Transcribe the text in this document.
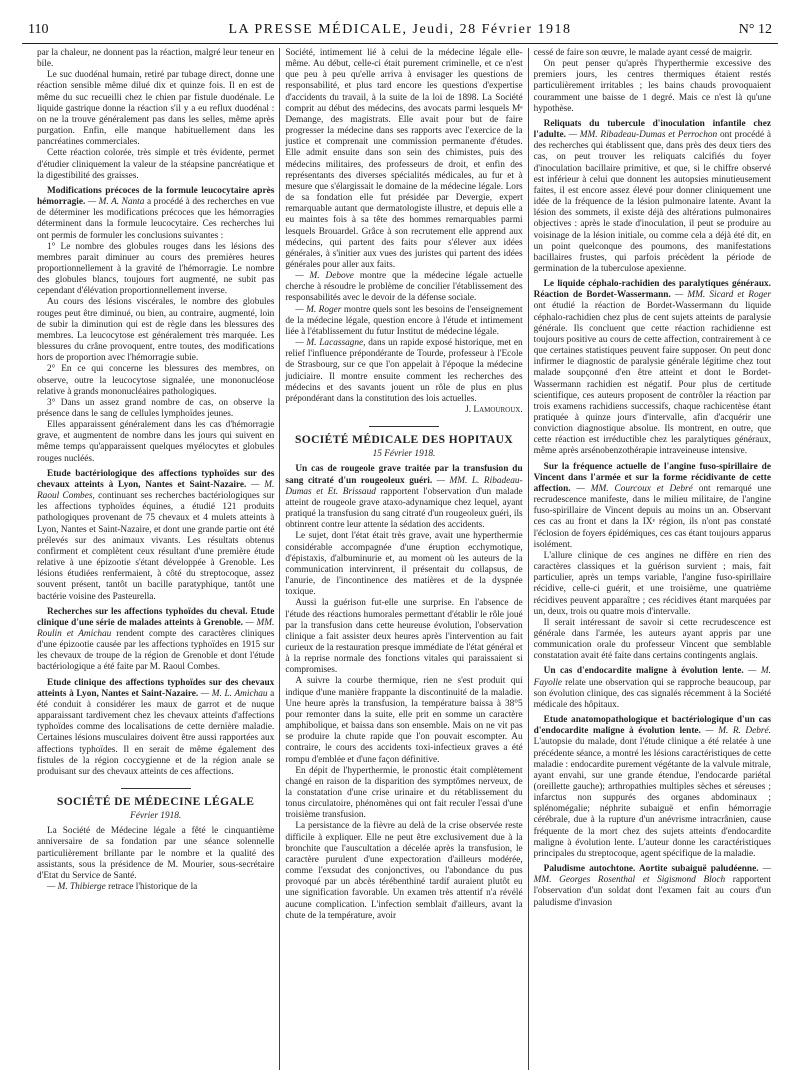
110	LA PRESSE MÉDICALE, Jeudi, 28 Février 1918	N° 12

par la chaleur, ne donnent pas la réaction, malgré leur teneur en bile.

Le suc duodénal humain, retiré par tubage direct, donne une réaction sensible même dilué dix et quinze fois. Il en est de même du suc recueilli chez le chien par fistule duodénale. Le liquide gastrique donne la réaction s'il y a eu reflux duodénal : on ne la trouve généralement pas dans les selles, même après purgation. Enfin, elle manque habituellement dans les pancréatines commerciales.

Cette réaction colorée, très simple et très évidente, permet d'étudier cliniquement la valeur de la stéapsine pancréatique et la digestibilité des graisses.

Modifications précoces de la formule leucocytaire après hémorragie. — M. A. Nanta a procédé à des recherches en vue de déterminer les modifications précoces que les hémorragies déterminent dans la formule leucocytaire. Ces recherches lui ont permis de formuler les conclusions suivantes :

1° Le nombre des globules rouges dans les lésions des membres parait diminuer au cours des premières heures proportionnellement à la gravité de l'hémorragie. Le nombre des globules blancs, toujours fort augmenté, ne subit pas cependant d'élévation proportionnellement inverse.

Au cours des lésions viscérales, le nombre des globules rouges peut être diminué, ou bien, au contraire, augmenté, loin de subir la diminution qui est de règle dans les blessures des membres. La leucocytose est généralement très marquée. Les blessures du crâne provoquent, entre toutes, des modifications hors de proportion avec l'hémorragie subie.

2° En ce qui concerne les blessures des membres, on observe, outre la leucocytose signalée, une mononucléose relative à grands mononucléaires pathologiques.

3° Dans un assez grand nombre de cas, on observe la présence dans le sang de cellules lymphoïdes jeunes.

Elles apparaissent généralement dans les cas d'hémorragie grave, et augmentent de nombre dans les jours qui suivent en même temps qu'apparaissent quelques myélocytes et globules rouges nucléés.

Etude bactériologique des affections typhoïdes sur des chevaux atteints à Lyon, Nantes et Saint-Nazaire. — M. Raoul Combes, continuant ses recherches bactériologiques sur les affections typhoïdes équines, a étudié 121 produits pathologiques provenant de 75 chevaux et 4 mulets atteints à Lyon, Nantes et Saint-Nazaire, et dont une grande partie ont été prélevés sur des animaux vivants. Les résultats obtenus confirment et complètent ceux résultant d'une première étude relative à une épizootie s'étant développée à Grenoble. Les lésions étudiées renfermaient, à côté du streptocoque, assez souvent présent, tantôt un bacille paratyphique, tantôt une bactérie voisine des Pasteurella.

Recherches sur les affections typhoïdes du cheval. Etude clinique d'une série de malades atteints à Grenoble. — MM. Roulin et Amichau rendent compte des caractères cliniques d'une épizootie causée par les affections typhoïdes en 1915 sur les chevaux de troupe de la région de Grenoble et dont l'étude bactériologique a été faite par M. Raoul Combes.

Etude clinique des affections typhoïdes sur des chevaux atteints à Lyon, Nantes et Saint-Nazaire. — M. L. Amichau a été conduit à considérer les maux de garrot et de nuque apparaissant tardivement chez les chevaux atteints d'affections typhoïdes comme des localisations de cette dernière maladie. Certaines lésions musculaires doivent être aussi rapportées aux affections typhoïdes. Il en serait de même également des fistules de la région coccygienne et de la région anale se produisant sur des chevaux atteints de ces affections.

SOCIÉTÉ DE MÉDECINE LÉGALE
Février 1918.

La Société de Médecine légale a fêté le cinquantième anniversaire de sa fondation par une séance solennelle particulièrement brillante par le nombre et la qualité des assistants, sous la présidence de M. Mourier, sous-secrétaire d'Etat du Service de Santé.

— M. Thibierge retrace l'historique de la

Société, intimement lié à celui de la médecine légale elle-même. Au début, celle-ci était purement criminelle, et ce n'est que peu à peu qu'elle arriva à envisager les questions de responsabilité, et plus tard encore les questions d'expertise d'accidents du travail, à la suite de la loi de 1898. La Société comprit au début des médecins, des avocats parmi lesquels Mᵉ Demange, des magistrats. Elle avait pour but de faire progresser la médecine dans ses rapports avec l'exercice de la justice et comprenait une commission permanente d'études. Elle admit ensuite dans son sein des chimistes, puis des médecins militaires, des professeurs de droit, et enfin des représentants des diverses spécialités médicales, au fur et à mesure que s'élargissait le domaine de la médecine légale. Lors de sa fondation elle fut présidée par Devergie, expert remarquable autant que dermatologiste illustre, et depuis elle a eu maintes fois à sa tête des hommes remarquables parmi lesquels Brouardel. Grâce à son recrutement elle apprend aux médecins, qui partent des faits pour s'élever aux idées générales, à s'initier aux vues des juristes qui partent des idées générales pour aller aux faits.

— M. Debove montre que la médecine légale actuelle cherche à résoudre le problème de concilier l'établissement des responsabilités avec le devoir de la défense sociale.

— M. Roger montre quels sont les besoins de l'enseignement de la médecine légale, question encore à l'étude et intimement liée à l'établissement du futur Institut de médecine légale.

— M. Lacassagne, dans un rapide exposé historique, met en relief l'influence prépondérante de Tourde, professeur à l'Ecole de Strasbourg, sur ce que l'on appelait à l'époque la médecine judiciaire. Il montre ensuite comment les recherches des médecins et des savants jouent un rôle de plus en plus prépondérant dans la constitution des lois actuelles.

J. Lamouroux.

SOCIÉTÉ MÉDICALE DES HOPITAUX
15 Février 1918.

Un cas de rougeole grave traitée par la transfusion du sang citraté d'un rougeoleux guéri. — MM. L. Ribadeau-Dumas et Et. Brissaud rapportent l'observation d'un malade atteint de rougeole grave ataxo-adynamique chez lequel, ayant pratiqué la transfusion du sang citraté d'un rougeoleux guéri, ils obtinrent contre leur attente la sédation des accidents.

Le sujet, dont l'état était très grave, avait une hyperthermie considérable accompagnée d'une éruption ecchymotique, d'épistaxis, d'albuminurie et, au moment où les auteurs de la communication intervinrent, il présentait du collapsus, de l'anurie, de l'incontinence des matières et de la dyspnée toxique.

Aussi la guérison fut-elle une surprise. En l'absence de l'étude des réactions humorales permettant d'établir le rôle joué par la transfusion dans cette heureuse évolution, l'observation clinique a fait assister deux heures après l'intervention au fait curieux de la restauration presque immédiate de l'état général et à la reprise normale des fonctions vitales qui paraissaient si compromises.

A suivre la courbe thermique, rien ne s'est produit qui indique d'une manière frappante la discontinuité de la maladie. Une heure après la transfusion, la température baissa à 38°5 pour remonter dans la suite, elle prit en somme un caractère amphibolique, et baissa dans son ensemble. Mais on ne vit pas se produire la chute rapide que l'on pouvait escompter. Au contraire, le cours des accidents toxi-infectieux graves a été rompu d'emblée et d'une façon définitive.

En dépit de l'hyperthermie, le pronostic était complètement changé en raison de la disparition des symptômes nerveux, de la constatation d'une crise urinaire et du rétablissement du tonus circulatoire, phénomènes qui ont fait reculer l'essai d'une troisième transfusion.

La persistance de la fièvre au delà de la crise observée reste difficile à expliquer. Elle ne peut être exclusivement due à la bronchite que l'auscultation a décelée après la transfusion, le caractère purulent d'une expectoration d'ailleurs modérée, comme l'exsudat des conjonctives, ou l'abondance du pus provoqué par un abcès térébenthiné tardif auraient plutôt eu une signification favorable. Un examen très attentif n'a révélé aucune complication. L'infection semblait d'ailleurs, avant la chute de la température, avoir

cessé de faire son œuvre, le malade ayant cessé de maigrir.

On peut penser qu'après l'hyperthermie excessive des premiers jours, les centres thermiques étaient restés particulièrement irritables ; les bains chauds provoquaient couramment une baisse de 1 degré. Mais ce n'est là qu'une hypothèse.

Reliquats du tubercule d'inoculation infantile chez l'adulte. — MM. Ribadeau-Dumas et Perrochon ont procédé à des recherches qui établissent que, dans près des deux tiers des cas, on peut trouver les reliquats calcifiés du foyer d'inoculation bacillaire primitive, et que, si le chiffre observé est inférieur à celui que donnent les autopsies minutieusement faites, il est encore assez élevé pour donner cliniquement une idée de la fréquence de la lésion pulmonaire latente. Avant la lésion des sommets, il existe déjà des altérations pulmonaires objectives : après le stade d'inoculation, il peut se produire au voisinage de la lésion initiale, ou comme cela a déjà été dit, en un point quelconque des poumons, des manifestations bacillaires frustes, qui parfois précèdent la période de germination de la tuberculose apexienne.

Le liquide céphalo-rachidien des paralytiques généraux. Réaction de Bordet-Wassermann. — MM. Sicard et Roger ont étudié la réaction de Bordet-Wassermann du liquide céphalo-rachidien chez plus de cent sujets atteints de paralysie générale. Ils concluent que cette réaction rachidienne est toujours positive au cours de cette affection, contrairement à ce que certaines statistiques peuvent faire supposer. On peut donc infirmer le diagnostic de paralysie générale légitime chez tout malade soupçonné d'en être atteint et dont le Bordet-Wassermann rachidien est négatif. Pour plus de certitude scientifique, ces auteurs proposent de contrôler la réaction par trois examens rachidiens successifs, chaque rachicentèse étant pratiquée à quinze jours d'intervalle, afin d'acquérir une conviction diagnostique absolue. Ils montrent, en outre, que cette réaction est irréductible chez les paralytiques généraux, même après arsénobenzothérapie intraveineuse intensive.

Sur la fréquence actuelle de l'angine fuso-spirillaire de Vincent dans l'armée et sur la forme récidivante de cette affection. — MM. Courcoux et Debré ont remarqué une recrudescence manifeste, dans le milieu militaire, de l'angine fuso-spirillaire de Vincent depuis au moins un an. Observant ces cas au front et dans la IXᵉ région, ils n'ont pas constaté l'éclosion de foyers épidémiques, ces cas étant toujours apparus isolément.

L'allure clinique de ces angines ne diffère en rien des caractères classiques et la guérison survient ; mais, fait particulier, après un temps variable, l'angine fuso-spirillaire récidive, celle-ci guérit, et une troisième, une quatrième récidives peuvent apparaître ; ces récidives étant marquées par un, deux, trois ou quatre mois d'intervalle.

Il serait intéressant de savoir si cette recrudescence est générale dans l'armée, les auteurs ayant appris par une communication orale du professeur Vincent que semblable constatation avait été faite dans certains contingents anglais.

Un cas d'endocardite maligne à évolution lente. — M. Fayolle relate une observation qui se rapproche beaucoup, par son évolution clinique, des cas signalés récemment à la Société médicale des hôpitaux.

Etude anatomopathologique et bactériologique d'un cas d'endocardite maligne à évolution lente. — M. R. Debré. L'autopsie du malade, dont l'étude clinique a été relatée à une précédente séance, a montré les lésions caractéristiques de cette maladie : endocardite purement végétante de la valvule mitrale, ayant envahi, sur une grande étendue, l'endocarde pariétal (oreillette gauche); arthropathies multiples sèches et séreuses ; infarctus non suppurés des organes abdominaux ; splénomégalie; néphrite subaiguë et enfin hémorragie cérébrale, due à la rupture d'un anévrisme intracrânien, cause fréquente de la mort chez des sujets atteints d'endocardite maligne à évolution lente. L'auteur donne les caractéristiques principales du streptocoque, agent spécifique de la maladie.

Paludisme autochtone. Aortite subaiguë paludéenne. — MM. Georges Rosenthal et Sigismond Bloch rapportent l'observation d'un soldat dont l'examen fait au cours d'un paludisme d'invasion
